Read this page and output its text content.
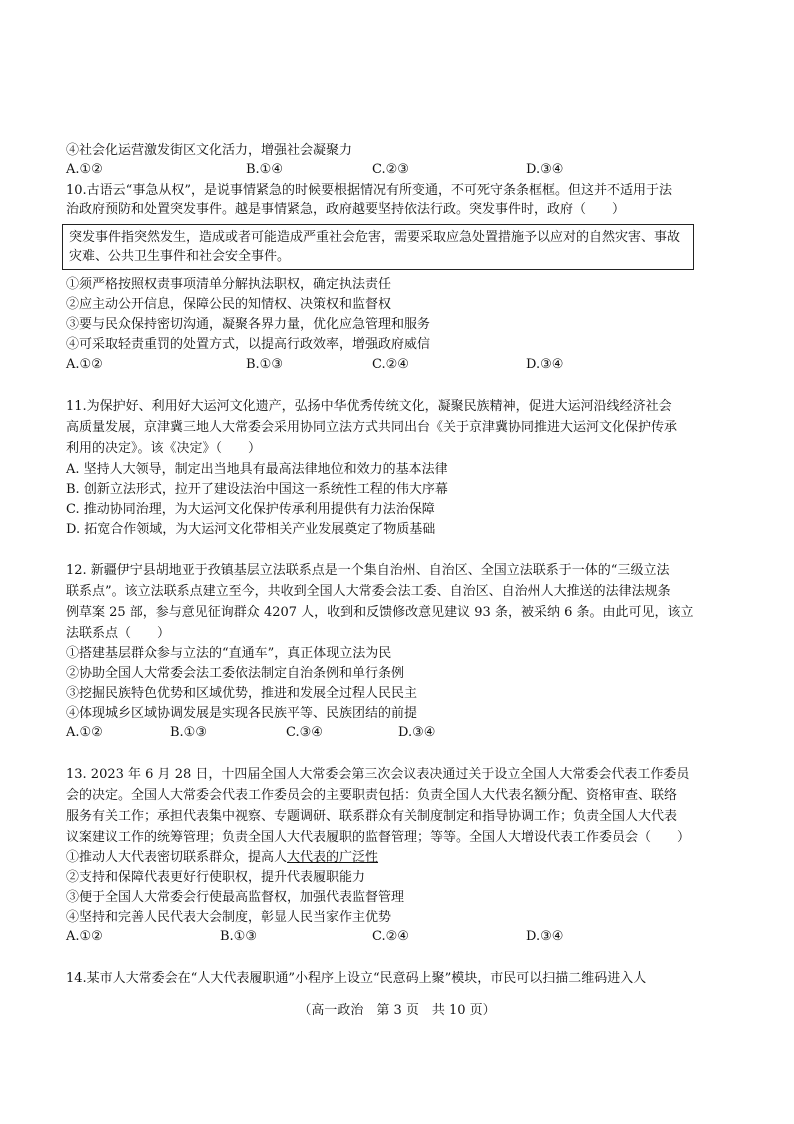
④社会化运营激发街区文化活力，增强社会凝聚力
A.①②	B.①④	C.②③	D.③④
10.古语云“事急从权”，是说事情紧急的时候要根据情况有所变通，不可死守条条框框。但这并不适用于法
治政府预防和处置突发事件。越是事情紧急，政府越要坚持依法行政。突发事件时，政府（　　）
突发事件指突然发生，造成或者可能造成严重社会危害，需要采取应急处置措施予以应对的自然灾害、事故
灾难、公共卫生事件和社会安全事件。
①须严格按照权责事项清单分解执法职权，确定执法责任
②应主动公开信息，保障公民的知情权、决策权和监督权
③要与民众保持密切沟通，凝聚各界力量，优化应急管理和服务
④可采取轻责重罚的处置方式，以提高行政效率，增强政府威信
A.①②	B.①③	C.②④	D.③④
11.为保护好、利用好大运河文化遗产，弘扬中华优秀传统文化，凝聚民族精神，促进大运河沿线经济社会
高质量发展，京津冀三地人大常委会采用协同立法方式共同出台《关于京津冀协同推进大运河文化保护传承
利用的决定》。该《决定》（　　）
A. 坚持人大领导，制定出当地具有最高法律地位和效力的基本法律
B. 创新立法形式，拉开了建设法治中国这一系统性工程的伟大序幕
C. 推动协同治理，为大运河文化保护传承利用提供有力法治保障
D. 拓宽合作领域，为大运河文化带相关产业发展奠定了物质基础
12. 新疆伊宁县胡地亚于孜镇基层立法联系点是一个集自治州、自治区、全国立法联系于一体的“三级立法
联系点”。该立法联系点建立至今，共收到全国人大常委会法工委、自治区、自治州人大推送的法律法规条
例草案 25 部，参与意见征询群众 4207 人，收到和反馈修改意见建议 93 条，被采纳 6 条。由此可见，该立
法联系点（　　）
①搭建基层群众参与立法的“直通车”，真正体现立法为民
②协助全国人大常委会法工委依法制定自治条例和单行条例
③挖掘民族特色优势和区域优势，推进和发展全过程人民民主
④体现城乡区域协调发展是实现各民族平等、民族团结的前提
A.①②	B.①③	C.③④	D.③④
13. 2023 年 6 月 28 日，十四届全国人大常委会第三次会议表决通过关于设立全国人大常委会代表工作委员
会的决定。全国人大常委会代表工作委员会的主要职责包括：负责全国人大代表名额分配、资格审查、联络
服务有关工作；承担代表集中视察、专题调研、联系群众有关制度制定和指导协调工作；负责全国人大代表
议案建议工作的统筹管理；负责全国人大代表履职的监督管理；等等。全国人大增设代表工作委员会（　　）
①推动人大代表密切联系群众，提高人大代表的广泛性
②支持和保障代表更好行使职权，提升代表履职能力
③便于全国人大常委会行使最高监督权，加强代表监督管理
④坚持和完善人民代表大会制度，彰显人民当家作主优势
A.①②	B.①③	C.②④	D.③④
14.某市人大常委会在“人大代表履职通”小程序上设立“民意码上聚”模块，市民可以扫描二维码进入人
（高一政治　第 3 页　共 10 页）
